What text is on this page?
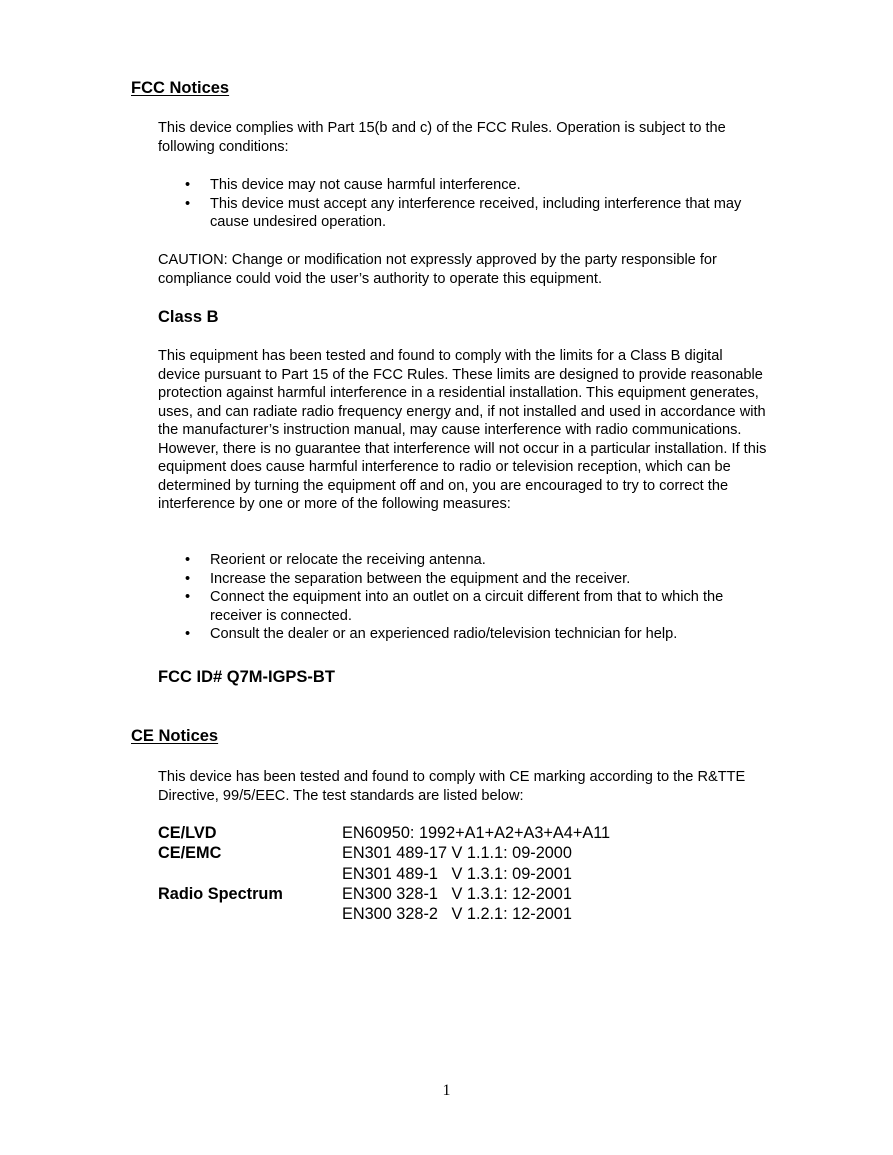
FCC Notices
This device complies with Part 15(b and c) of the FCC Rules. Operation is subject to the following conditions:
• This device may not cause harmful interference.
• This device must accept any interference received, including interference that may cause undesired operation.
CAUTION: Change or modification not expressly approved by the party responsible for compliance could void the user’s authority to operate this equipment.
Class B
This equipment has been tested and found to comply with the limits for a Class B digital device pursuant to Part 15 of the FCC Rules. These limits are designed to provide reasonable protection against harmful interference in a residential installation. This equipment generates, uses, and can radiate radio frequency energy and, if not installed and used in accordance with the manufacturer’s instruction manual, may cause interference with radio communications. However, there is no guarantee that interference will not occur in a particular installation. If this equipment does cause harmful interference to radio or television reception, which can be determined by turning the equipment off and on, you are encouraged to try to correct the interference by one or more of the following measures:
• Reorient or relocate the receiving antenna.
• Increase the separation between the equipment and the receiver.
• Connect the equipment into an outlet on a circuit different from that to which the receiver is connected.
• Consult the dealer or an experienced radio/television technician for help.
FCC ID# Q7M-IGPS-BT
CE Notices
This device has been tested and found to comply with CE marking according to the R&TTE Directive, 99/5/EEC. The test standards are listed below:
CE/LVD	EN60950: 1992+A1+A2+A3+A4+A11
CE/EMC	EN301 489-17 V 1.1.1: 09-2000
	EN301 489-1   V 1.3.1: 09-2001
Radio Spectrum	EN300 328-1   V 1.3.1: 12-2001
	EN300 328-2   V 1.2.1: 12-2001
1
